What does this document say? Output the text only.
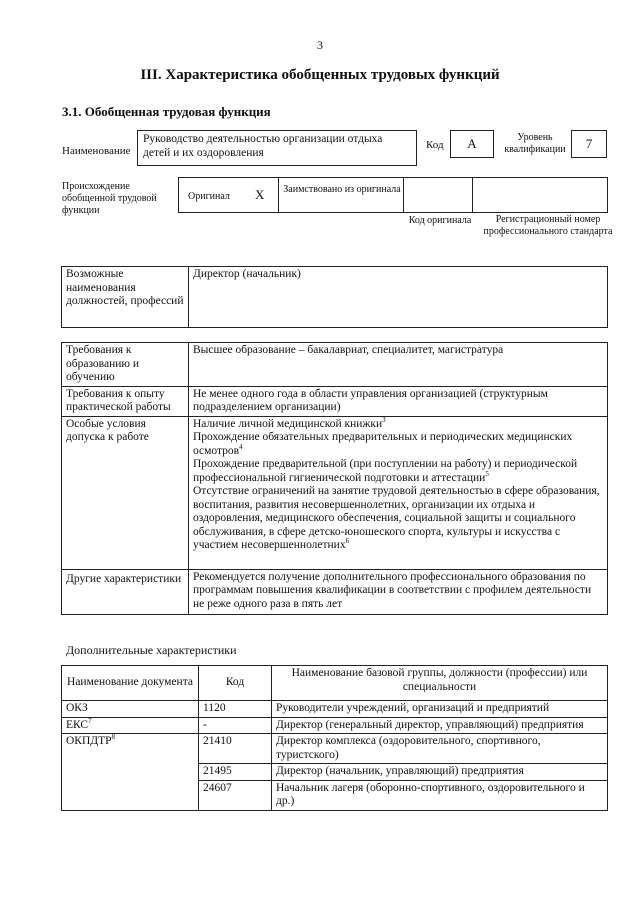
3
III. Характеристика обобщенных трудовых функций
3.1. Обобщенная трудовая функция
Наименование
Руководство деятельностью организации отдыха детей и их оздоровления
Код	А	Уровень квалификации	7
Происхождение обобщенной трудовой функции
Оригинал X Заимствовано из оригинала
Код оригинала	Регистрационный номер профессионального стандарта
Возможные наименования должностей, профессий	Директор (начальник)
Требования к образованию и обучению	Высшее образование – бакалавриат, специалитет, магистратура
Требования к опыту практической работы	Не менее одного года в области управления организацией (структурным подразделением организации)
Особые условия допуска к работе	Наличие личной медицинской книжки$^3$
Прохождение обязательных предварительных и периодических медицинских осмотров$^4$
Прохождение предварительной (при поступлении на работу) и периодической профессиональной гигиенической подготовки и аттестации$^5$
Отсутствие ограничений на занятие трудовой деятельностью в сфере образования, воспитания, развития несовершеннолетних, организации их отдыха и оздоровления, медицинского обеспечения, социальной защиты и социального обслуживания, в сфере детско-юношеского спорта, культуры и искусства с участием несовершеннолетних$^6$

Другие характеристики	Рекомендуется получение дополнительного профессионального образования по программам повышения квалификации в соответствии с профилем деятельности не реже одного раза в пять лет
Дополнительные характеристики
Наименование документа	Код	Наименование базовой группы, должности (профессии) или специальности
ОКЗ	1120	Руководители учреждений, организаций и предприятий
ЕКС$^7$	-	Директор (генеральный директор, управляющий) предприятия
ОКПДТР$^8$	21410	Директор комплекса (оздоровительного, спортивного, туристского)
	21495	Директор (начальник, управляющий) предприятия
	24607	Начальник лагеря (оборонно-спортивного, оздоровительного и др.)
